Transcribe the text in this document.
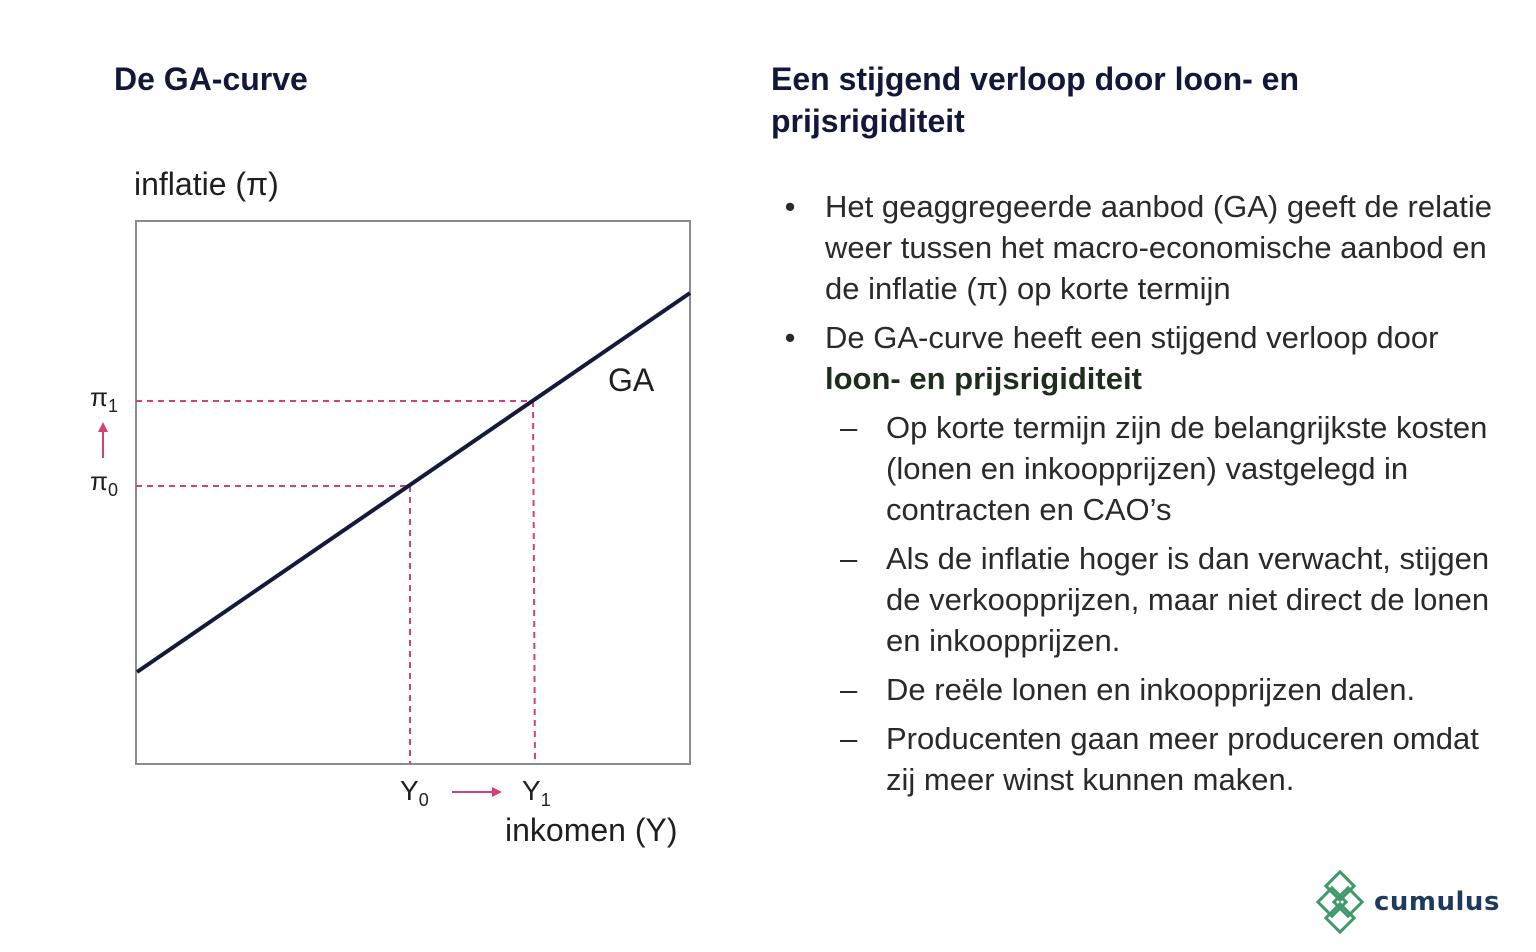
De GA-curve	Een stijgend verloop door loon- en prijsrigiditeit
inflatie (π)
GA
$\pi_1$
$\pi_0$
$Y_0$	$Y_1$
inkomen (Y)
• Het geaggregeerde aanbod (GA) geeft de relatie weer tussen het macro-economische aanbod en de inflatie (π) op korte termijn
• De GA-curve heeft een stijgend verloop door loon- en prijsrigiditeit
– Op korte termijn zijn de belangrijkste kosten (lonen en inkoopprijzen) vastgelegd in contracten en CAO’s
– Als de inflatie hoger is dan verwacht, stijgen de verkoopprijzen, maar niet direct de lonen en inkoopprijzen.
– De reële lonen en inkoopprijzen dalen.
– Producenten gaan meer produceren omdat zij meer winst kunnen maken.
cumulus
